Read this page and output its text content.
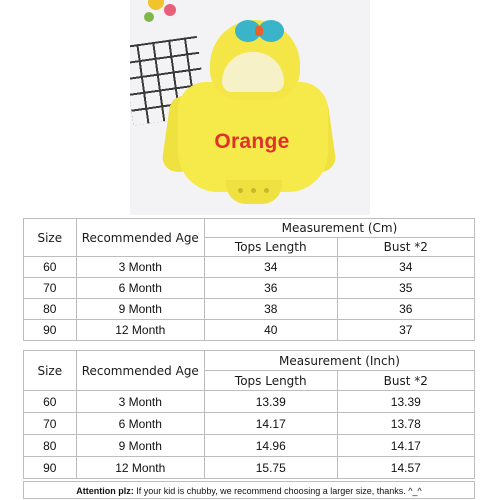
Orange
Size	Recommended Age	Measurement (Cm)	
		Tops Length	Bust *2
60	3 Month	34	34
70	6 Month	36	35
80	9 Month	38	36
90	12 Month	40	37
Size	Recommended Age	Measurement (Inch)	
		Tops Length	Bust *2
60	3 Month	13.39	13.39
70	6 Month	14.17	13.78
80	9 Month	14.96	14.17
90	12 Month	15.75	14.57
Attention plz: If your kid is chubby, we recommend choosing a larger size, thanks. ^_^
